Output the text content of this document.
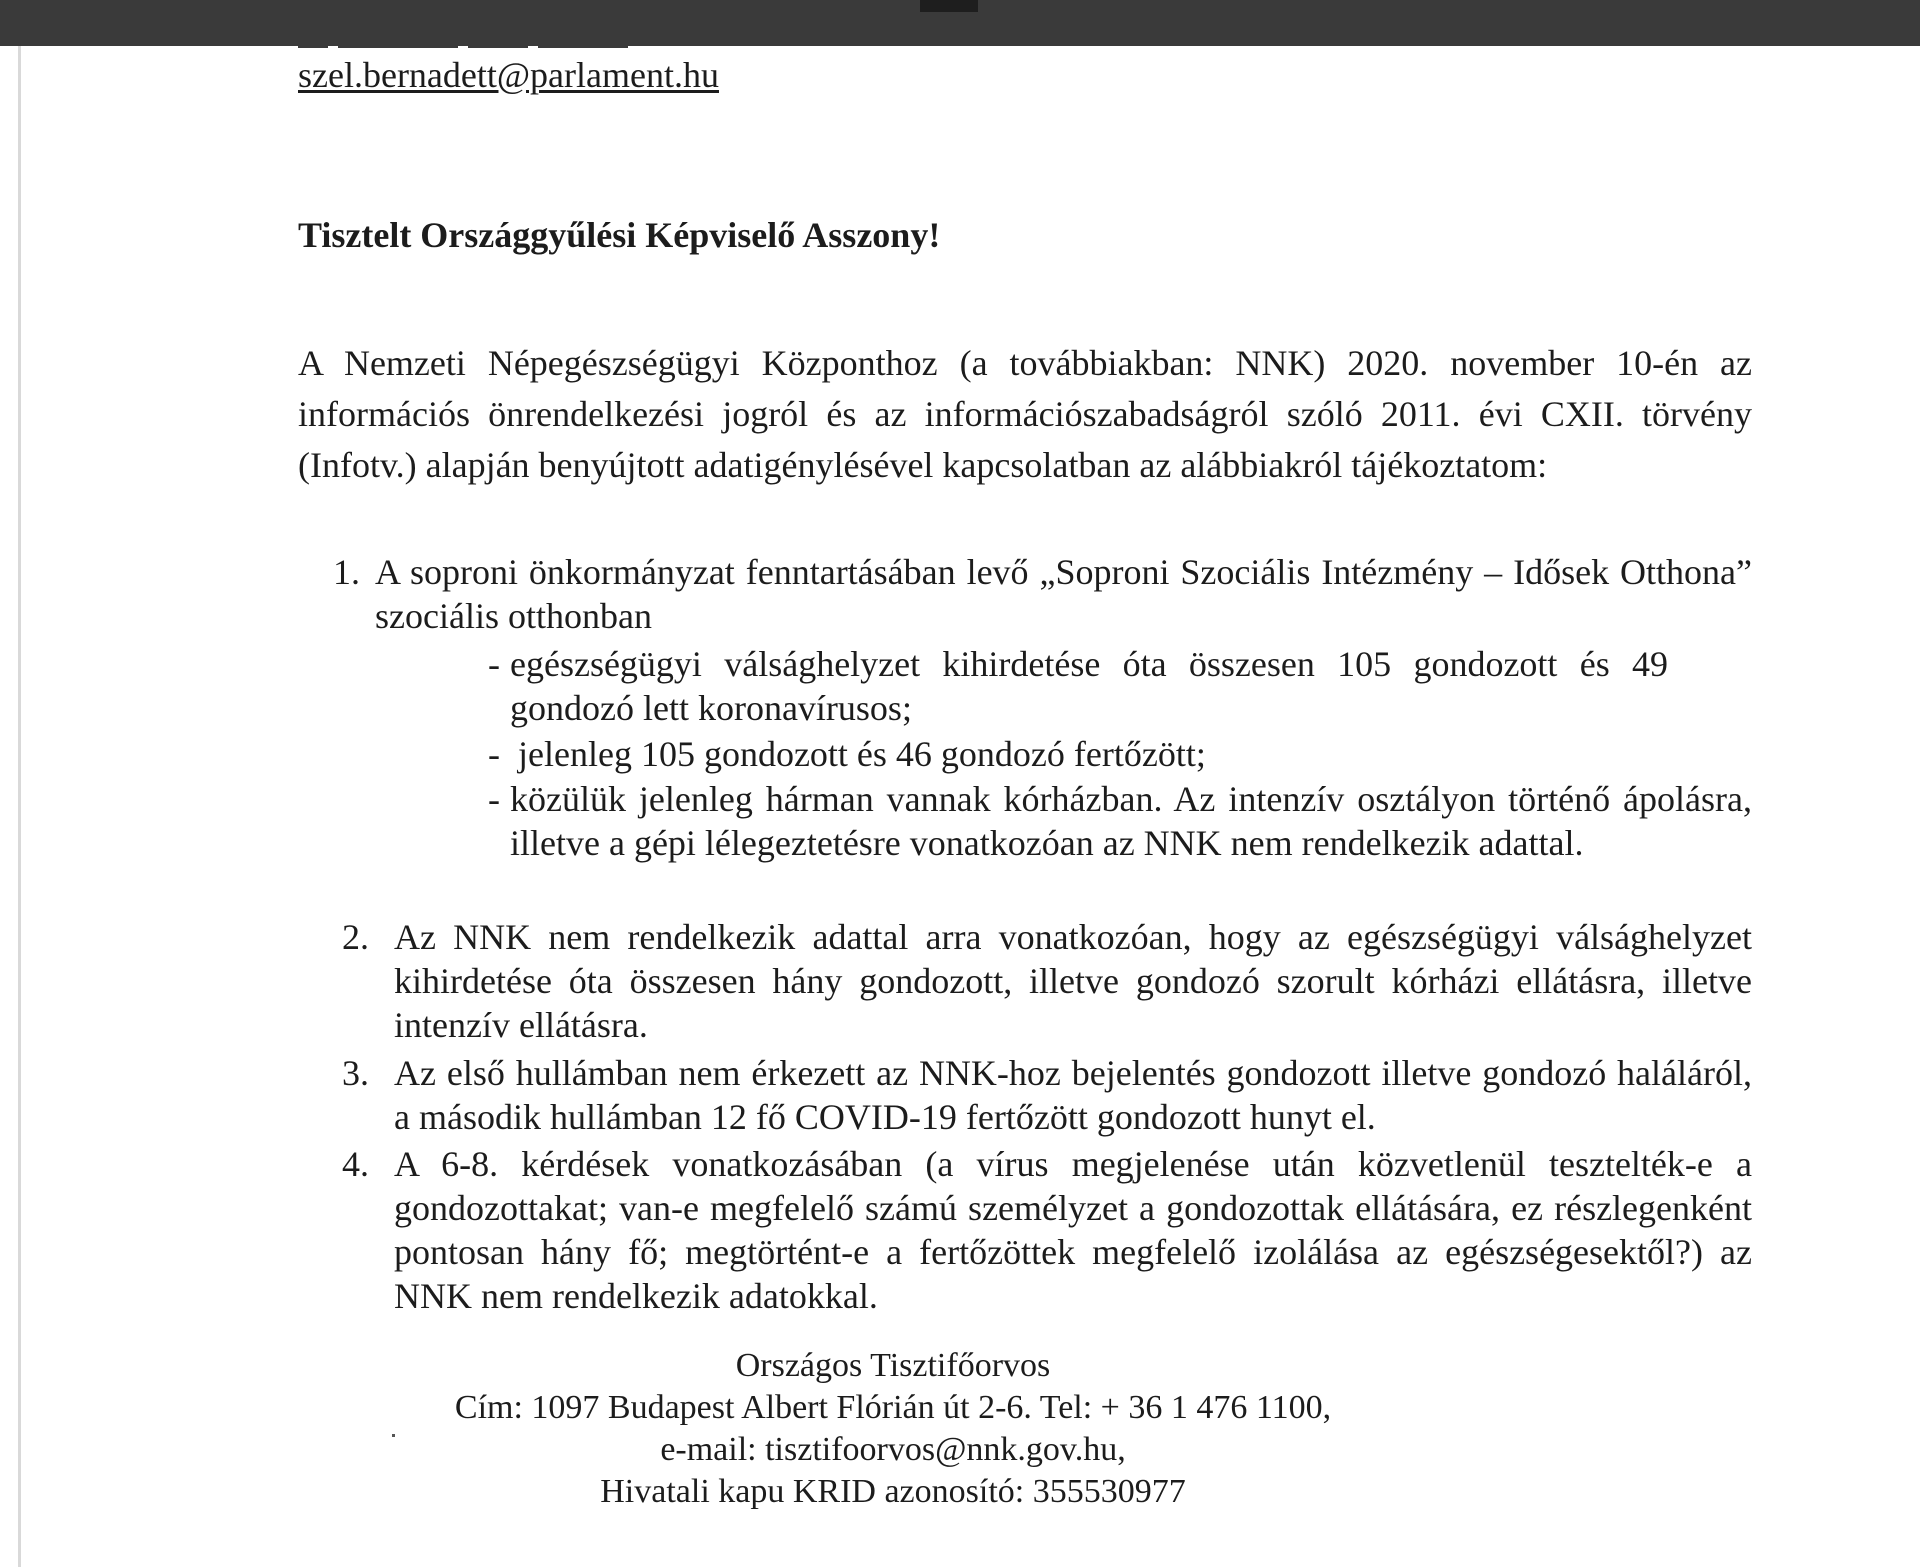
szel.bernadett@parlament.hu
Tisztelt Országgyűlési Képviselő Asszony!
A Nemzeti Népegészségügyi Központhoz (a továbbiakban: NNK) 2020. november 10-én az információs önrendelkezési jogról és az információszabadságról szóló 2011. évi CXII. törvény (Infotv.) alapján benyújtott adatigénylésével kapcsolatban az alábbiakról tájékoztatom:
1. A soproni önkormányzat fenntartásában levő „Soproni Szociális Intézmény – Idősek Otthona” szociális otthonban
- egészségügyi válsághelyzet kihirdetése óta összesen 105 gondozott és 49 gondozó lett koronavírusos;
- jelenleg 105 gondozott és 46 gondozó fertőzött;
- közülük jelenleg hárman vannak kórházban. Az intenzív osztályon történő ápolásra, illetve a gépi lélegeztetésre vonatkozóan az NNK nem rendelkezik adattal.
2. Az NNK nem rendelkezik adattal arra vonatkozóan, hogy az egészségügyi válsághelyzet kihirdetése óta összesen hány gondozott, illetve gondozó szorult kórházi ellátásra, illetve intenzív ellátásra.
3. Az első hullámban nem érkezett az NNK-hoz bejelentés gondozott illetve gondozó haláláról, a második hullámban 12 fő COVID-19 fertőzött gondozott hunyt el.
4. A 6-8. kérdések vonatkozásában (a vírus megjelenése után közvetlenül tesztelték-e a gondozottakat; van-e megfelelő számú személyzet a gondozottak ellátására, ez részlegenként pontosan hány fő; megtörtént-e a fertőzöttek megfelelő izolálása az egészségesektől?) az NNK nem rendelkezik adatokkal.
Országos Tisztifőorvos
Cím: 1097 Budapest Albert Flórián út 2-6. Tel: + 36 1 476 1100,
e-mail: tisztifoorvos@nnk.gov.hu,
Hivatali kapu KRID azonosító: 355530977
